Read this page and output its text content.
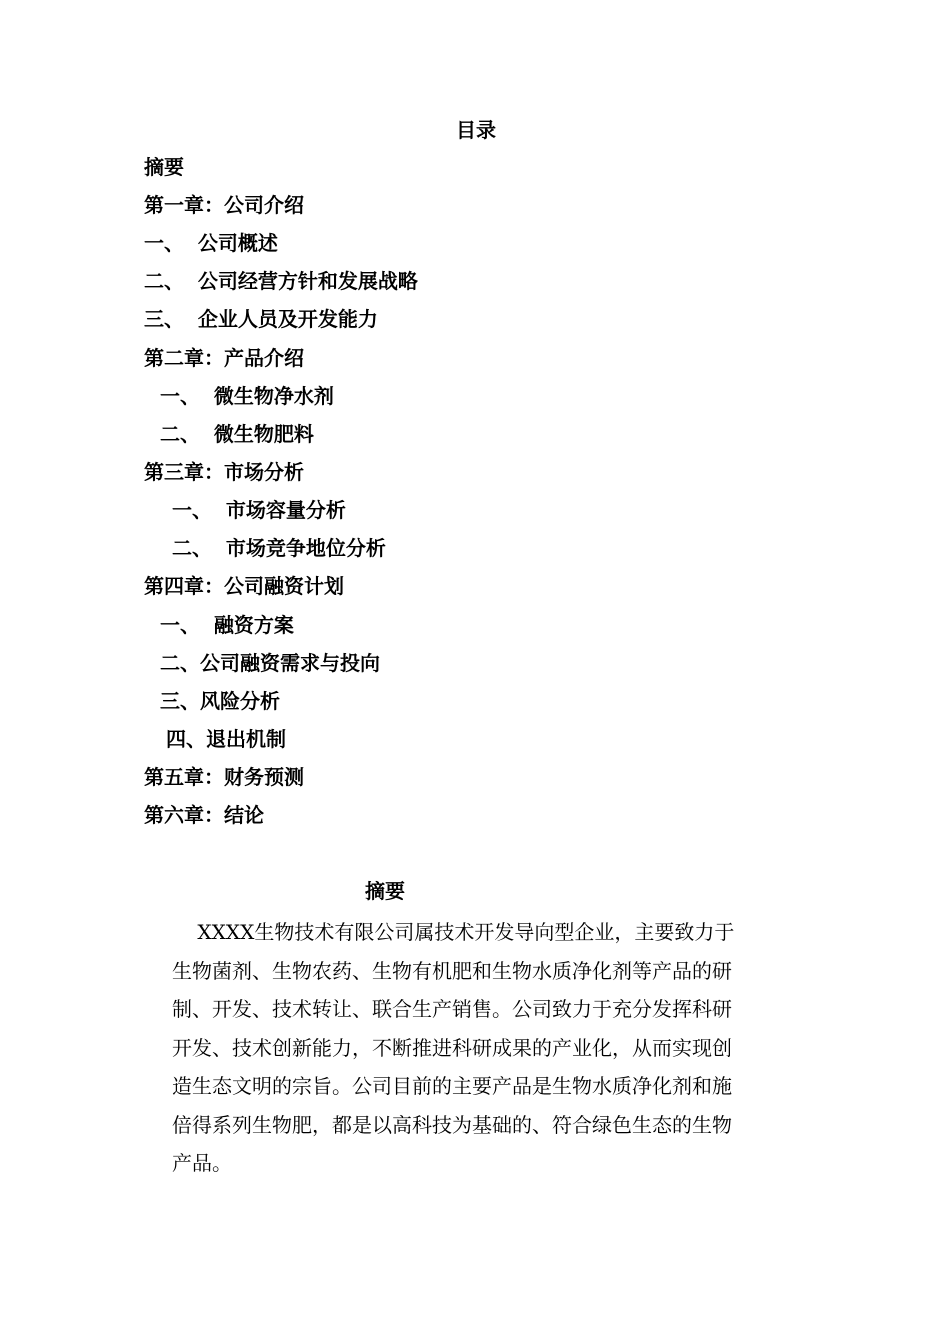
目录
摘要
第一章：公司介绍
一、  公司概述
二、  公司经营方针和发展战略
三、  企业人员及开发能力
第二章：产品介绍
一、  微生物净水剂
二、  微生物肥料
第三章：市场分析
一、  市场容量分析
二、  市场竞争地位分析
第四章：公司融资计划
一、  融资方案
二、公司融资需求与投向
三、风险分析
四、退出机制
第五章：财务预测
第六章：结论
摘要
XXXX生物技术有限公司属技术开发导向型企业，主要致力于
生物菌剂、生物农药、生物有机肥和生物水质净化剂等产品的研
制、开发、技术转让、联合生产销售。公司致力于充分发挥科研
开发、技术创新能力，不断推进科研成果的产业化，从而实现创
造生态文明的宗旨。公司目前的主要产品是生物水质净化剂和施
倍得系列生物肥，都是以高科技为基础的、符合绿色生态的生物
产品。
